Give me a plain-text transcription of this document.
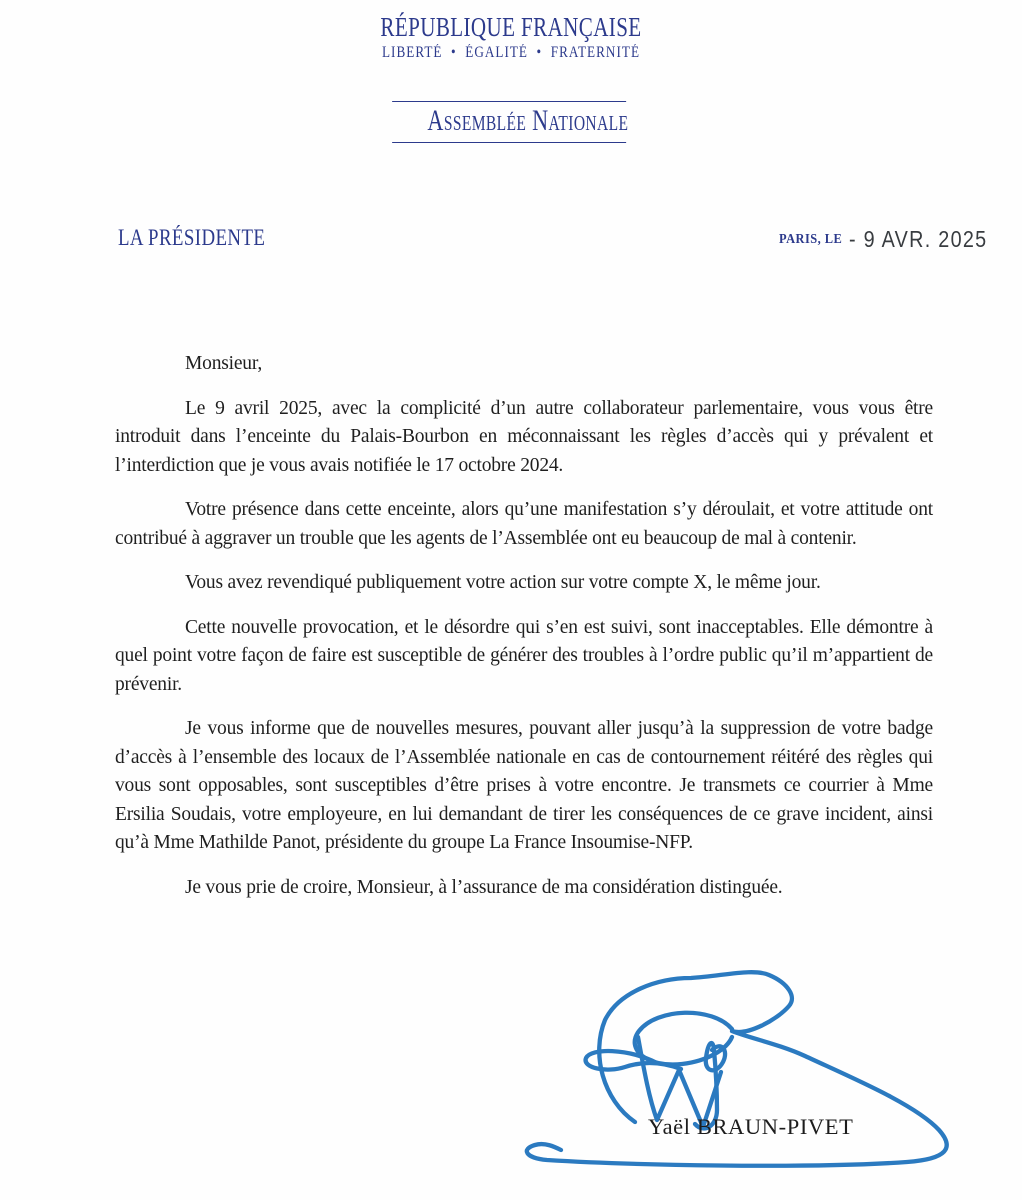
RÉPUBLIQUE FRANÇAISE
LIBERTÉ • ÉGALITÉ • FRATERNITÉ
Assemblée Nationale
LA PRÉSIDENTE	PARIS, LE - 9 AVR. 2025

Monsieur,

Le 9 avril 2025, avec la complicité d’un autre collaborateur parlementaire, vous vous être introduit dans l’enceinte du Palais-Bourbon en méconnaissant les règles d’accès qui y prévalent et l’interdiction que je vous avais notifiée le 17 octobre 2024.

Votre présence dans cette enceinte, alors qu’une manifestation s’y déroulait, et votre attitude ont contribué à aggraver un trouble que les agents de l’Assemblée ont eu beaucoup de mal à contenir.

Vous avez revendiqué publiquement votre action sur votre compte X, le même jour.

Cette nouvelle provocation, et le désordre qui s’en est suivi, sont inacceptables. Elle démontre à quel point votre façon de faire est susceptible de générer des troubles à l’ordre public qu’il m’appartient de prévenir.

Je vous informe que de nouvelles mesures, pouvant aller jusqu’à la suppression de votre badge d’accès à l’ensemble des locaux de l’Assemblée nationale en cas de contournement réitéré des règles qui vous sont opposables, sont susceptibles d’être prises à votre encontre. Je transmets ce courrier à Mme Ersilia Soudais, votre employeure, en lui demandant de tirer les conséquences de ce grave incident, ainsi qu’à Mme Mathilde Panot, présidente du groupe La France Insoumise-NFP.

Je vous prie de croire, Monsieur, à l’assurance de ma considération distinguée.

Yaël BRAUN-PIVET
